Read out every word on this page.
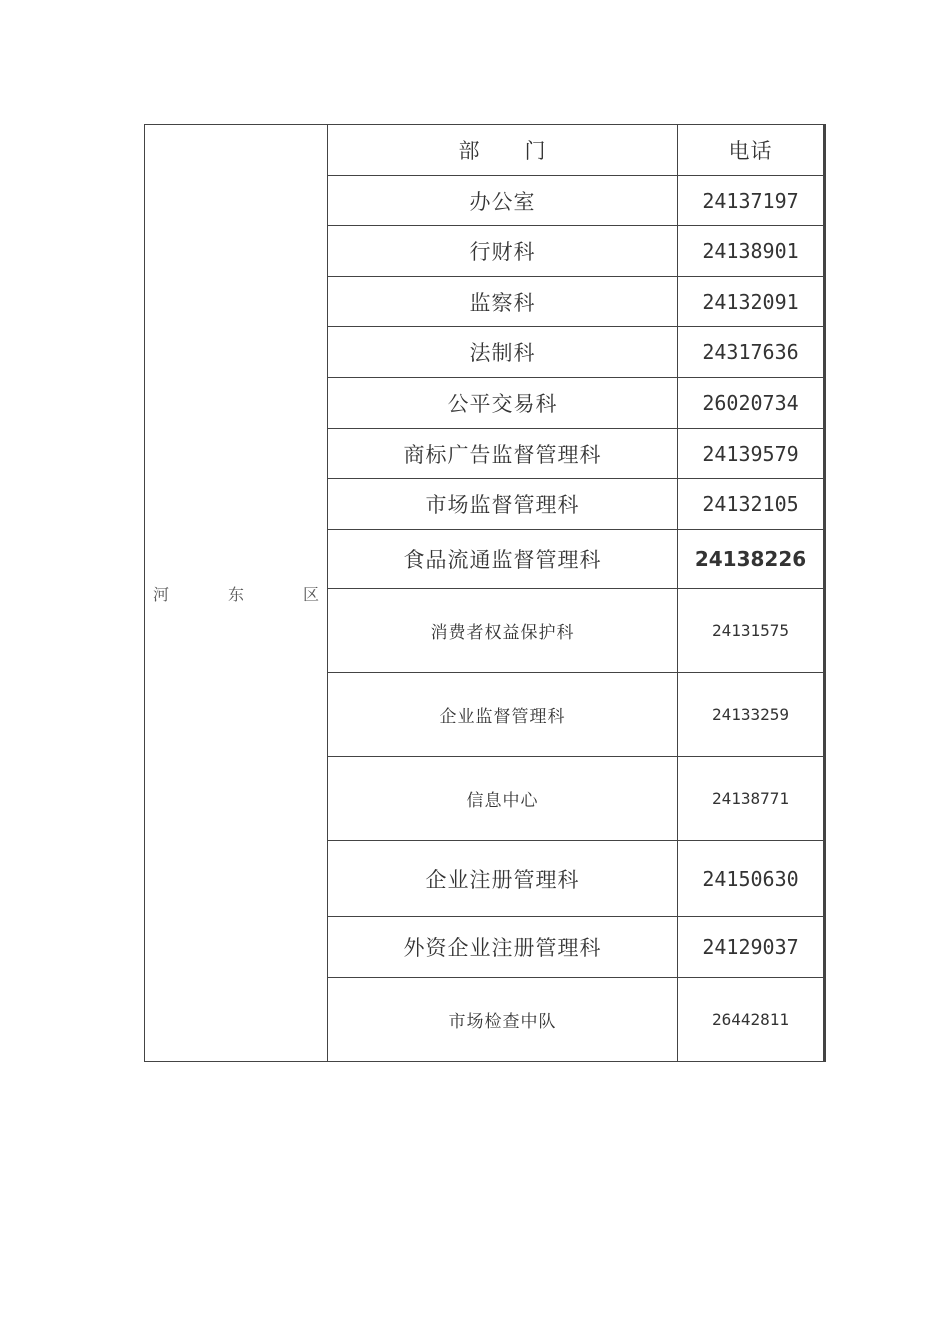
河 东 区	部　　门	电话
	办公室	24137197
	行财科	24138901
	监察科	24132091
	法制科	24317636
	公平交易科	26020734
	商标广告监督管理科	24139579
	市场监督管理科	24132105
	食品流通监督管理科	24138226
	消费者权益保护科	24131575
	企业监督管理科	24133259
	信息中心	24138771
	企业注册管理科	24150630
	外资企业注册管理科	24129037
	市场检查中队	26442811
